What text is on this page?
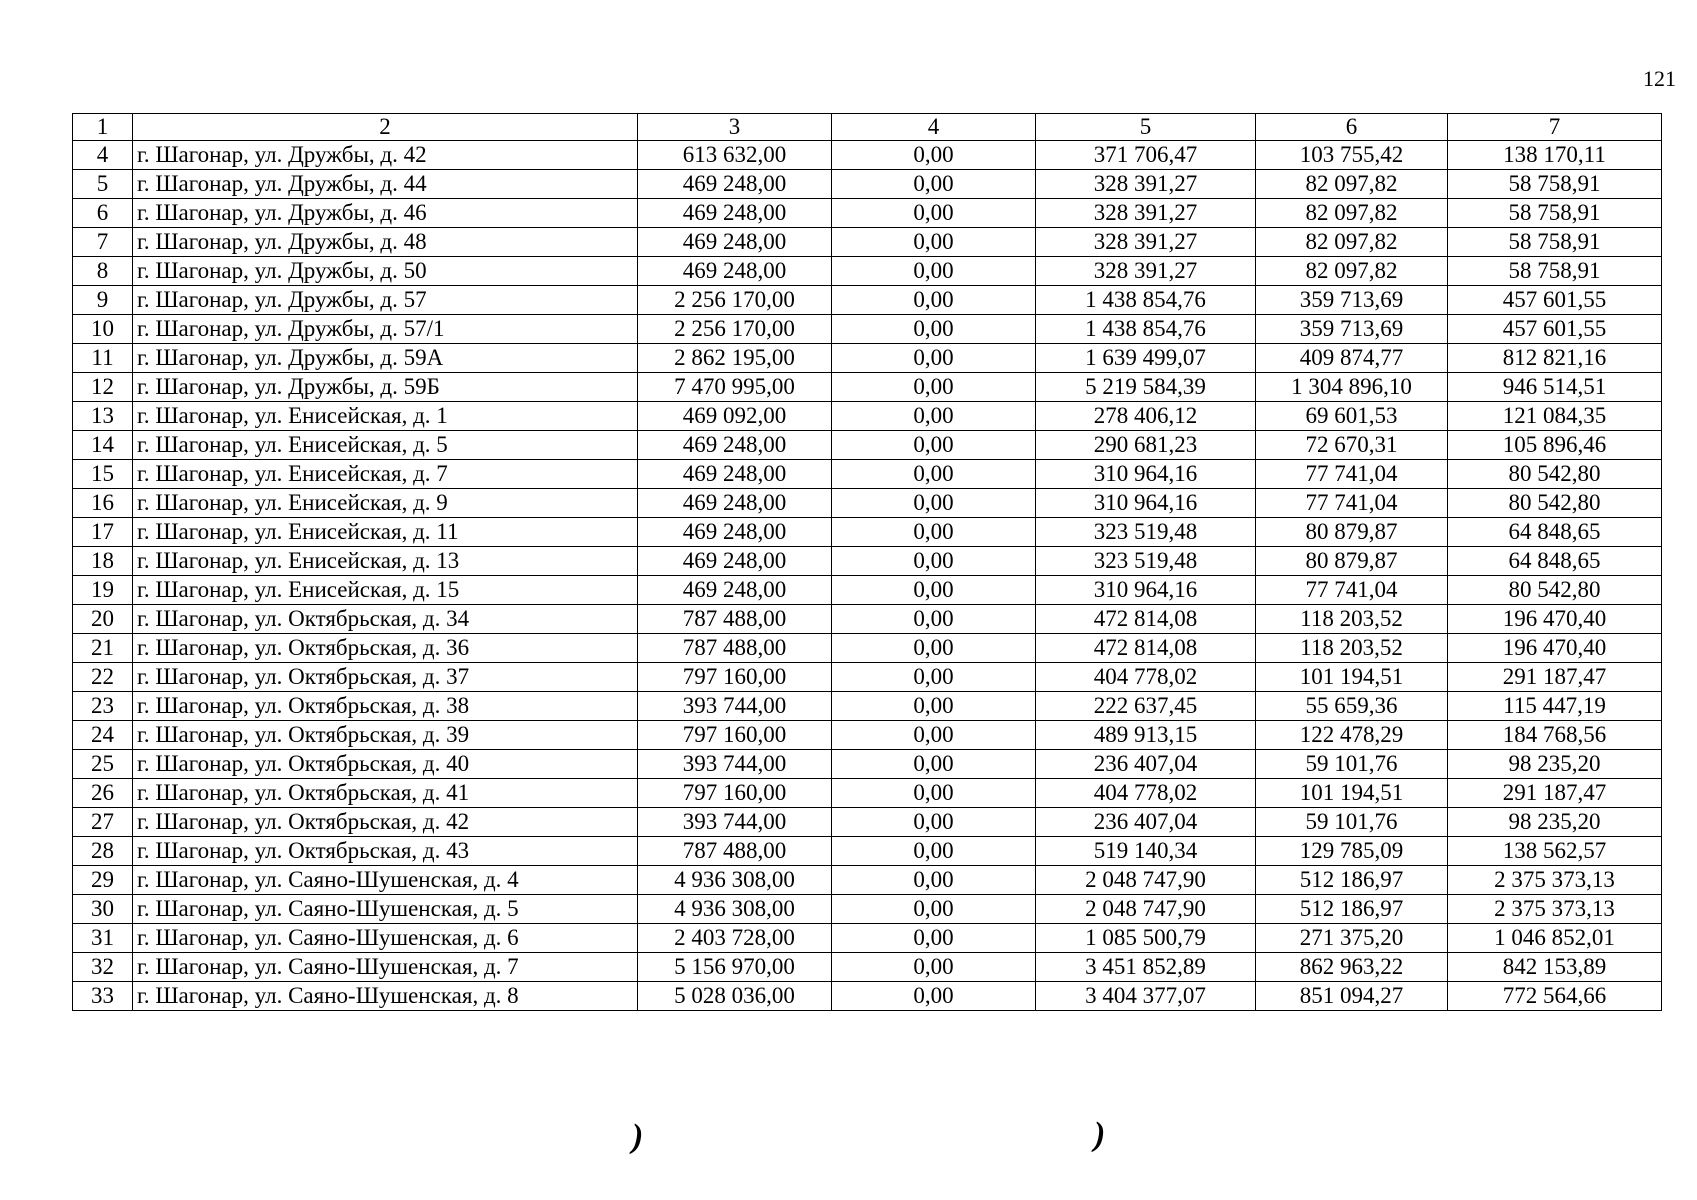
121
1	2	3	4	5	6	7
4	г. Шагонар, ул. Дружбы, д. 42	613 632,00	0,00	371 706,47	103 755,42	138 170,11
5	г. Шагонар, ул. Дружбы, д. 44	469 248,00	0,00	328 391,27	82 097,82	58 758,91
6	г. Шагонар, ул. Дружбы, д. 46	469 248,00	0,00	328 391,27	82 097,82	58 758,91
7	г. Шагонар, ул. Дружбы, д. 48	469 248,00	0,00	328 391,27	82 097,82	58 758,91
8	г. Шагонар, ул. Дружбы, д. 50	469 248,00	0,00	328 391,27	82 097,82	58 758,91
9	г. Шагонар, ул. Дружбы, д. 57	2 256 170,00	0,00	1 438 854,76	359 713,69	457 601,55
10	г. Шагонар, ул. Дружбы, д. 57/1	2 256 170,00	0,00	1 438 854,76	359 713,69	457 601,55
11	г. Шагонар, ул. Дружбы, д. 59А	2 862 195,00	0,00	1 639 499,07	409 874,77	812 821,16
12	г. Шагонар, ул. Дружбы, д. 59Б	7 470 995,00	0,00	5 219 584,39	1 304 896,10	946 514,51
13	г. Шагонар, ул. Енисейская, д. 1	469 092,00	0,00	278 406,12	69 601,53	121 084,35
14	г. Шагонар, ул. Енисейская, д. 5	469 248,00	0,00	290 681,23	72 670,31	105 896,46
15	г. Шагонар, ул. Енисейская, д. 7	469 248,00	0,00	310 964,16	77 741,04	80 542,80
16	г. Шагонар, ул. Енисейская, д. 9	469 248,00	0,00	310 964,16	77 741,04	80 542,80
17	г. Шагонар, ул. Енисейская, д. 11	469 248,00	0,00	323 519,48	80 879,87	64 848,65
18	г. Шагонар, ул. Енисейская, д. 13	469 248,00	0,00	323 519,48	80 879,87	64 848,65
19	г. Шагонар, ул. Енисейская, д. 15	469 248,00	0,00	310 964,16	77 741,04	80 542,80
20	г. Шагонар, ул. Октябрьская, д. 34	787 488,00	0,00	472 814,08	118 203,52	196 470,40
21	г. Шагонар, ул. Октябрьская, д. 36	787 488,00	0,00	472 814,08	118 203,52	196 470,40
22	г. Шагонар, ул. Октябрьская, д. 37	797 160,00	0,00	404 778,02	101 194,51	291 187,47
23	г. Шагонар, ул. Октябрьская, д. 38	393 744,00	0,00	222 637,45	55 659,36	115 447,19
24	г. Шагонар, ул. Октябрьская, д. 39	797 160,00	0,00	489 913,15	122 478,29	184 768,56
25	г. Шагонар, ул. Октябрьская, д. 40	393 744,00	0,00	236 407,04	59 101,76	98 235,20
26	г. Шагонар, ул. Октябрьская, д. 41	797 160,00	0,00	404 778,02	101 194,51	291 187,47
27	г. Шагонар, ул. Октябрьская, д. 42	393 744,00	0,00	236 407,04	59 101,76	98 235,20
28	г. Шагонар, ул. Октябрьская, д. 43	787 488,00	0,00	519 140,34	129 785,09	138 562,57
29	г. Шагонар, ул. Саяно-Шушенская, д. 4	4 936 308,00	0,00	2 048 747,90	512 186,97	2 375 373,13
30	г. Шагонар, ул. Саяно-Шушенская, д. 5	4 936 308,00	0,00	2 048 747,90	512 186,97	2 375 373,13
31	г. Шагонар, ул. Саяно-Шушенская, д. 6	2 403 728,00	0,00	1 085 500,79	271 375,20	1 046 852,01
32	г. Шагонар, ул. Саяно-Шушенская, д. 7	5 156 970,00	0,00	3 451 852,89	862 963,22	842 153,89
33	г. Шагонар, ул. Саяно-Шушенская, д. 8	5 028 036,00	0,00	3 404 377,07	851 094,27	772 564,66
)	)
